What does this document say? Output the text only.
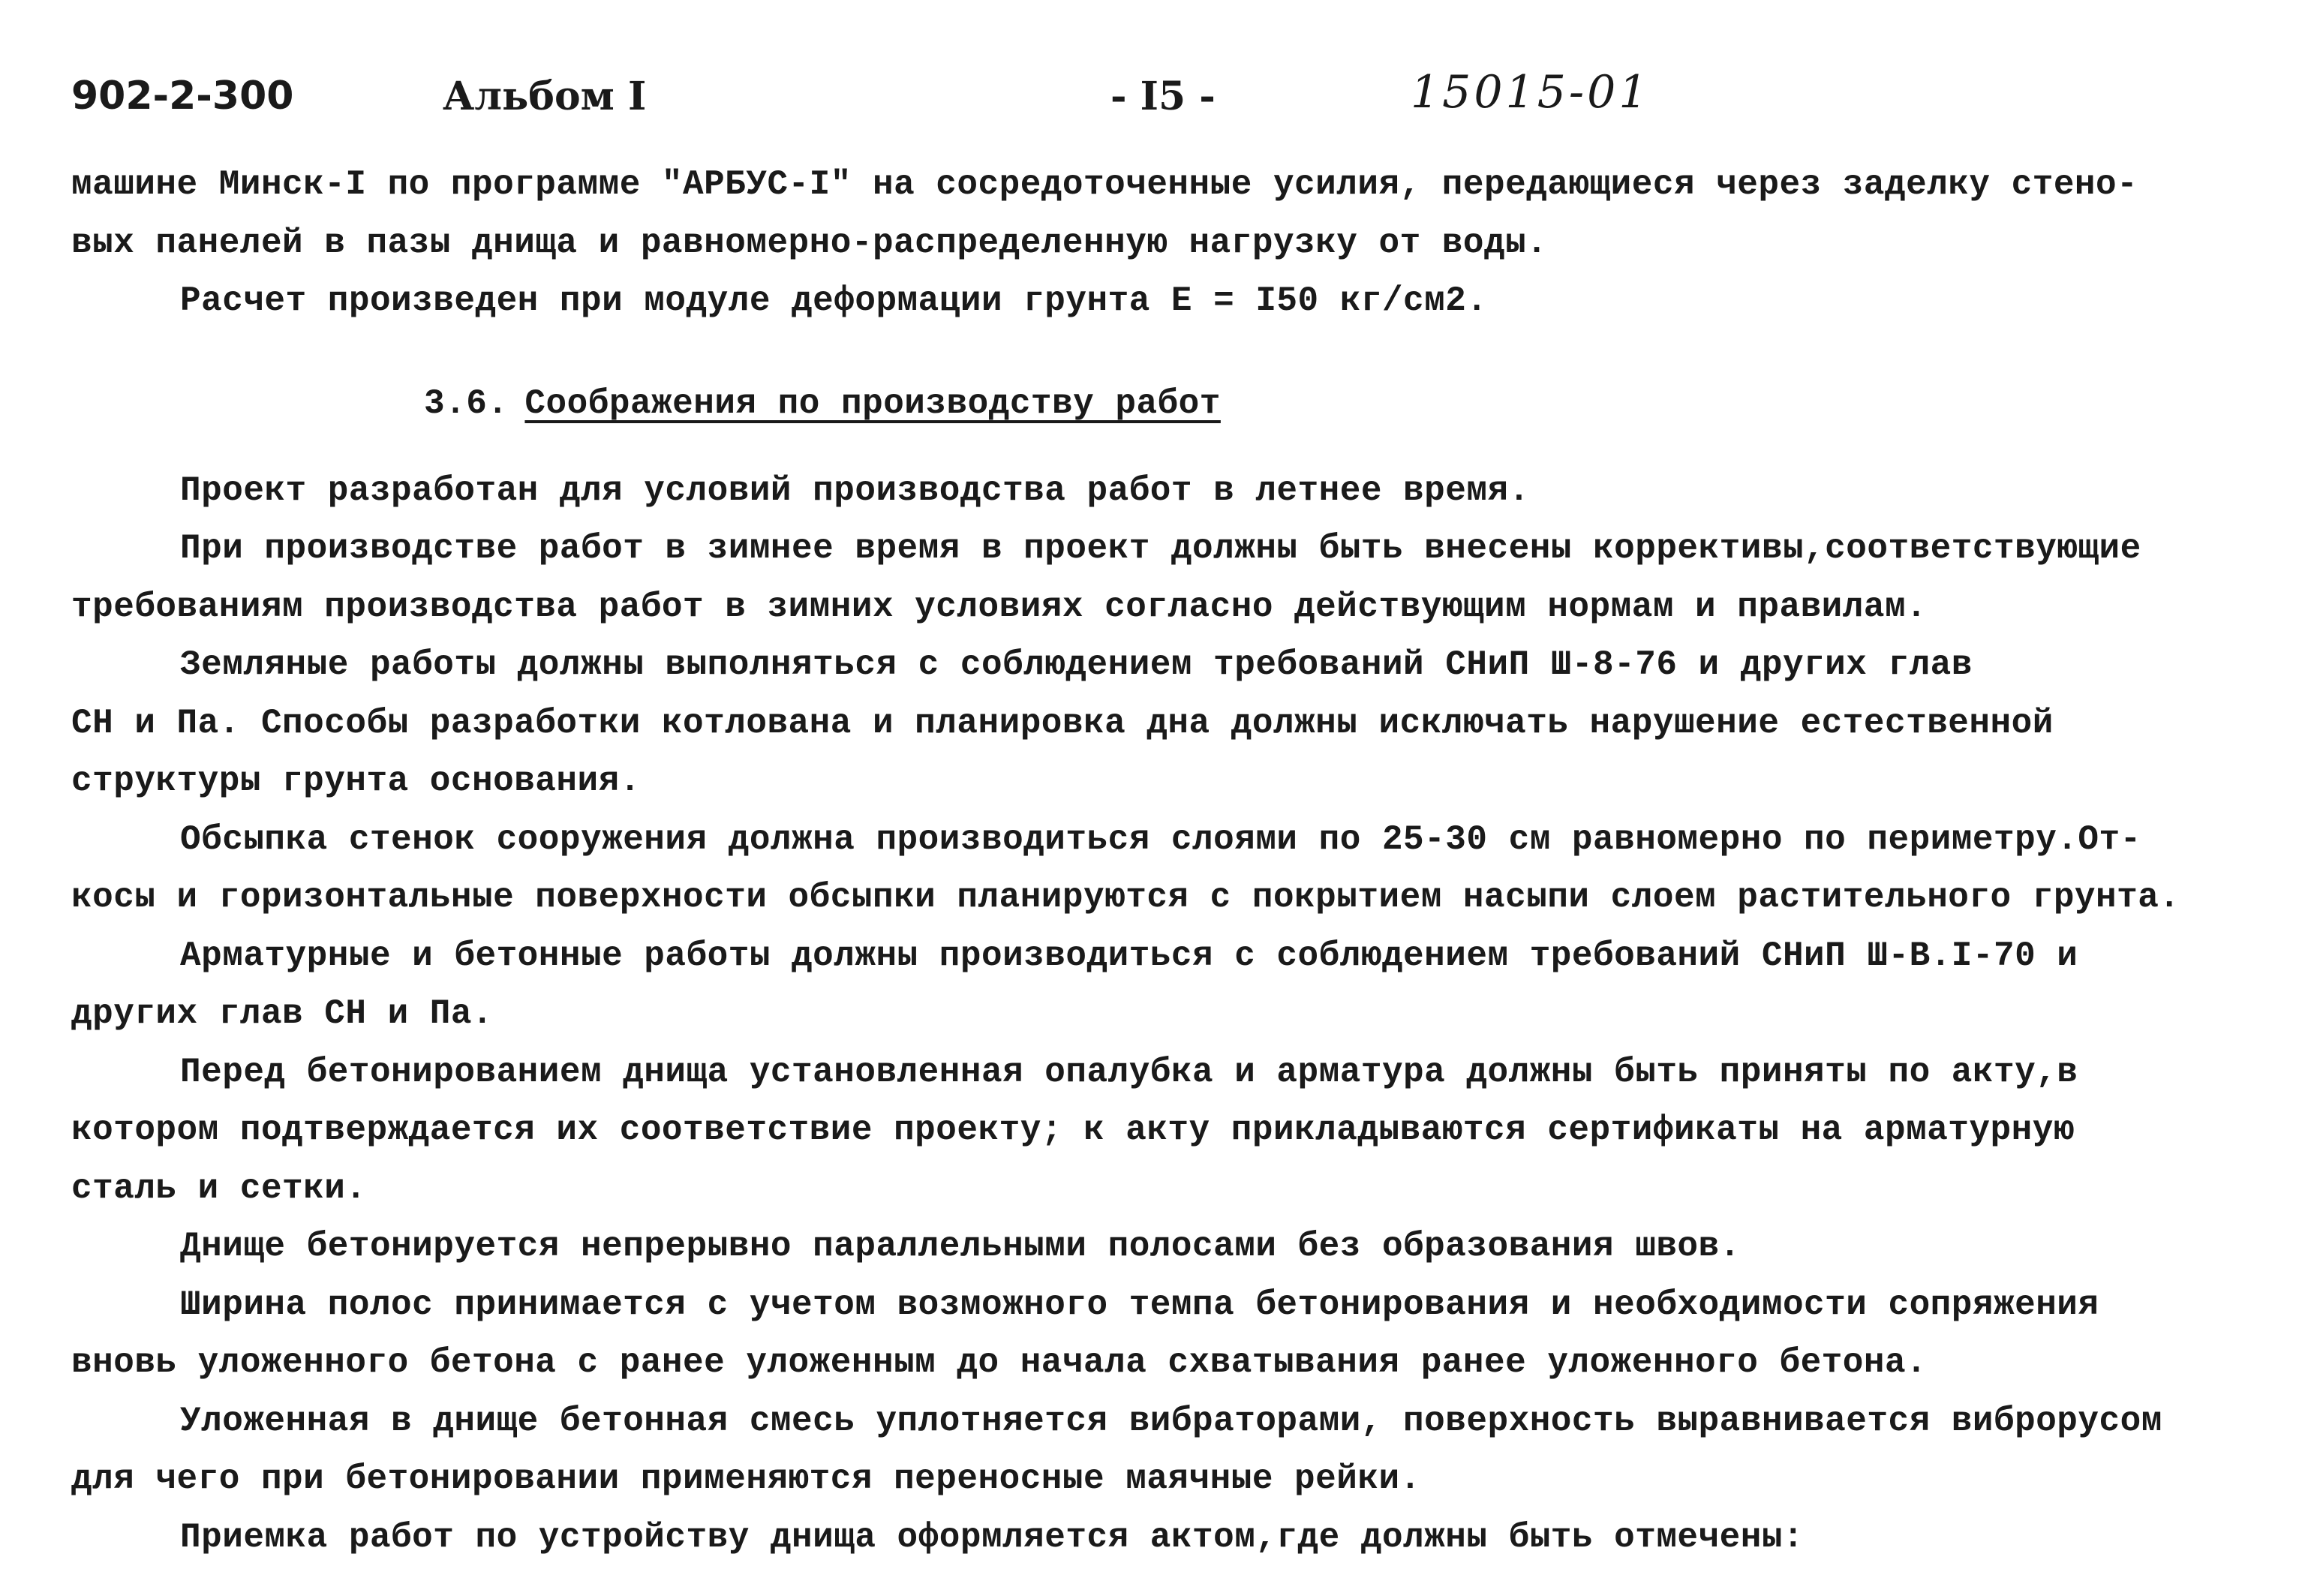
902-2-300	Альбом I	- I5 -	15015-01
машине Минск-I по программе "АРБУС-I" на сосредоточенные усилия, передающиеся через заделку стено-
вых панелей в пазы днища и равномерно-распределенную нагрузку от воды.
Расчет произведен при модуле деформации грунта Е = I50 кг/см2.
3.6. Соображения по производству работ
Проект разработан для условий производства работ в летнее время.
При производстве работ в зимнее время в проект должны быть внесены коррективы,соответствующие
требованиям производства работ в зимних условиях согласно действующим нормам и правилам.
Земляные работы должны выполняться с соблюдением требований СНиП Ш-8-76 и других глав
СН и Па. Способы разработки котлована и планировка дна должны исключать нарушение естественной
структуры грунта основания.
Обсыпка стенок сооружения должна производиться слоями по 25-30 см равномерно по периметру.От-
косы и горизонтальные поверхности обсыпки планируются с покрытием насыпи слоем растительного грунта.
Арматурные и бетонные работы должны производиться с соблюдением требований СНиП Ш-В.I-70 и
других глав СН и Па.
Перед бетонированием днища установленная опалубка и арматура должны быть приняты по акту,в
котором подтверждается их соответствие проекту; к акту прикладываются сертификаты на арматурную
сталь и сетки.
Днище бетонируется непрерывно параллельными полосами без образования швов.
Ширина полос принимается с учетом возможного темпа бетонирования и необходимости сопряжения
вновь уложенного бетона с ранее уложенным до начала схватывания ранее уложенного бетона.
Уложенная в днище бетонная смесь уплотняется вибраторами, поверхность выравнивается виброрусом
для чего при бетонировании применяются переносные маячные рейки.
Приемка работ по устройству днища оформляется актом,где должны быть отмечены:
